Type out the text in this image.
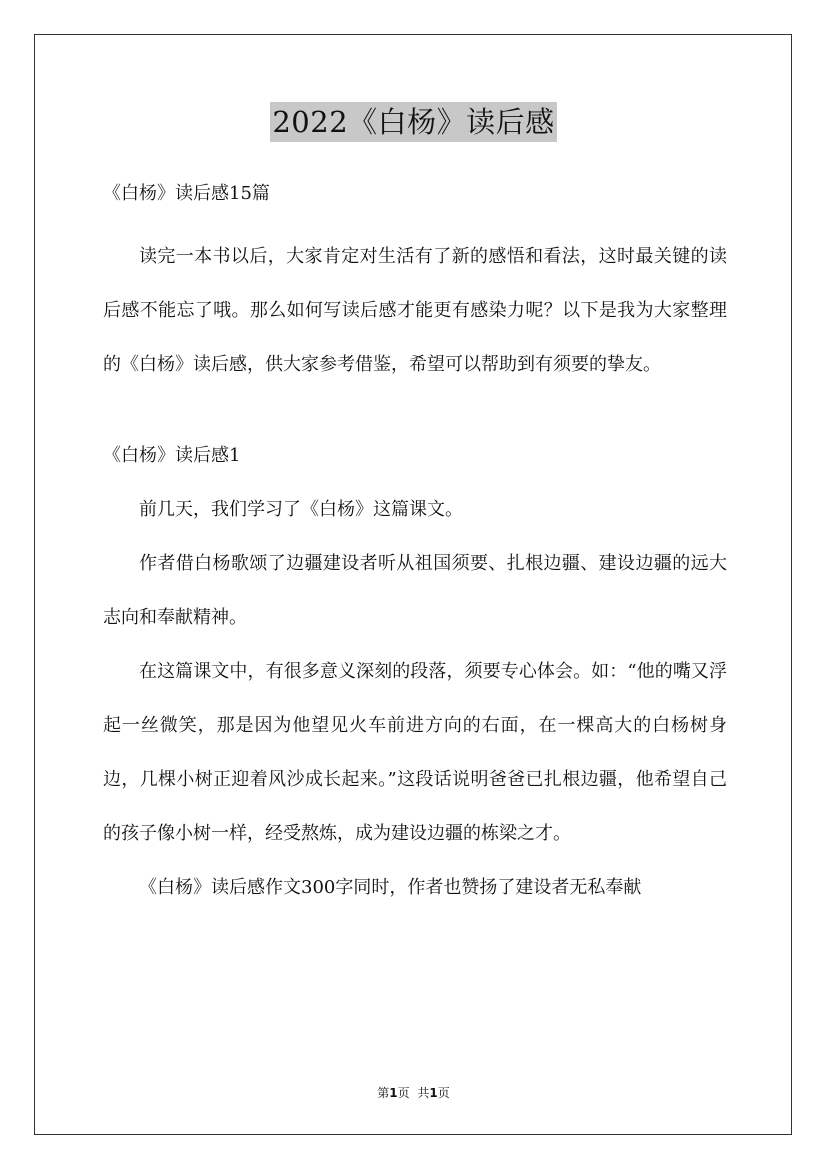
2022《白杨》读后感

《白杨》读后感15篇

读完一本书以后，大家肯定对生活有了新的感悟和看法，这时最关键的读后感不能忘了哦。那么如何写读后感才能更有感染力呢？以下是我为大家整理的《白杨》读后感，供大家参考借鉴，希望可以帮助到有须要的挚友。

《白杨》读后感1

前几天，我们学习了《白杨》这篇课文。

作者借白杨歌颂了边疆建设者听从祖国须要、扎根边疆、建设边疆的远大志向和奉献精神。

在这篇课文中，有很多意义深刻的段落，须要专心体会。如：“他的嘴又浮起一丝微笑，那是因为他望见火车前进方向的右面，在一棵高大的白杨树身边，几棵小树正迎着风沙成长起来。”这段话说明爸爸已扎根边疆，他希望自己的孩子像小树一样，经受熬炼，成为建设边疆的栋梁之才。

《白杨》读后感作文300字同时，作者也赞扬了建设者无私奉献

第1页 共1页
